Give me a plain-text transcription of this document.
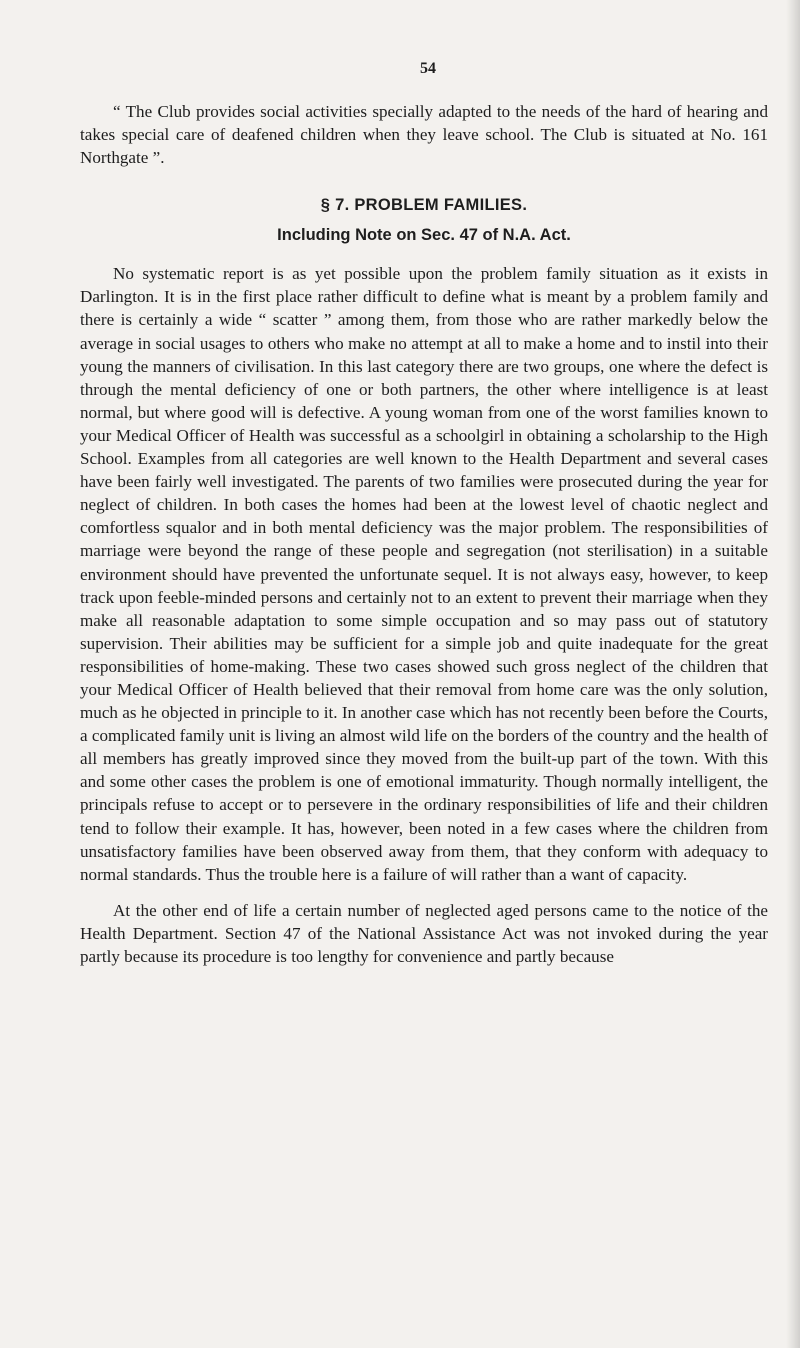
54

“ The Club provides social activities specially adapted to the needs of the hard of hearing and takes special care of deafened children when they leave school. The Club is situated at No. 161 Northgate ”.

§ 7. PROBLEM FAMILIES.
Including Note on Sec. 47 of N.A. Act.

No systematic report is as yet possible upon the problem family situation as it exists in Darlington. It is in the first place rather difficult to define what is meant by a problem family and there is certainly a wide “ scatter ” among them, from those who are rather markedly below the average in social usages to others who make no attempt at all to make a home and to instil into their young the manners of civilisation. In this last category there are two groups, one where the defect is through the mental deficiency of one or both partners, the other where intelligence is at least normal, but where good will is defective. A young woman from one of the worst families known to your Medical Officer of Health was successful as a schoolgirl in obtaining a scholarship to the High School. Examples from all categories are well known to the Health Department and several cases have been fairly well investigated. The parents of two families were prosecuted during the year for neglect of children. In both cases the homes had been at the lowest level of chaotic neglect and comfortless squalor and in both mental deficiency was the major problem. The responsibilities of marriage were beyond the range of these people and segregation (not sterilisation) in a suitable environment should have prevented the unfortunate sequel. It is not always easy, however, to keep track upon feeble-minded persons and certainly not to an extent to prevent their marriage when they make all reasonable adaptation to some simple occupation and so may pass out of statutory supervision. Their abilities may be sufficient for a simple job and quite inadequate for the great responsibilities of home-making. These two cases showed such gross neglect of the children that your Medical Officer of Health believed that their removal from home care was the only solution, much as he objected in principle to it. In another case which has not recently been before the Courts, a complicated family unit is living an almost wild life on the borders of the country and the health of all members has greatly improved since they moved from the built-up part of the town. With this and some other cases the problem is one of emotional immaturity. Though normally intelligent, the principals refuse to accept or to persevere in the ordinary responsibilities of life and their children tend to follow their example. It has, however, been noted in a few cases where the children from unsatisfactory families have been observed away from them, that they conform with adequacy to normal standards. Thus the trouble here is a failure of will rather than a want of capacity.

At the other end of life a certain number of neglected aged persons came to the notice of the Health Department. Section 47 of the National Assistance Act was not invoked during the year partly because its procedure is too lengthy for convenience and partly because
